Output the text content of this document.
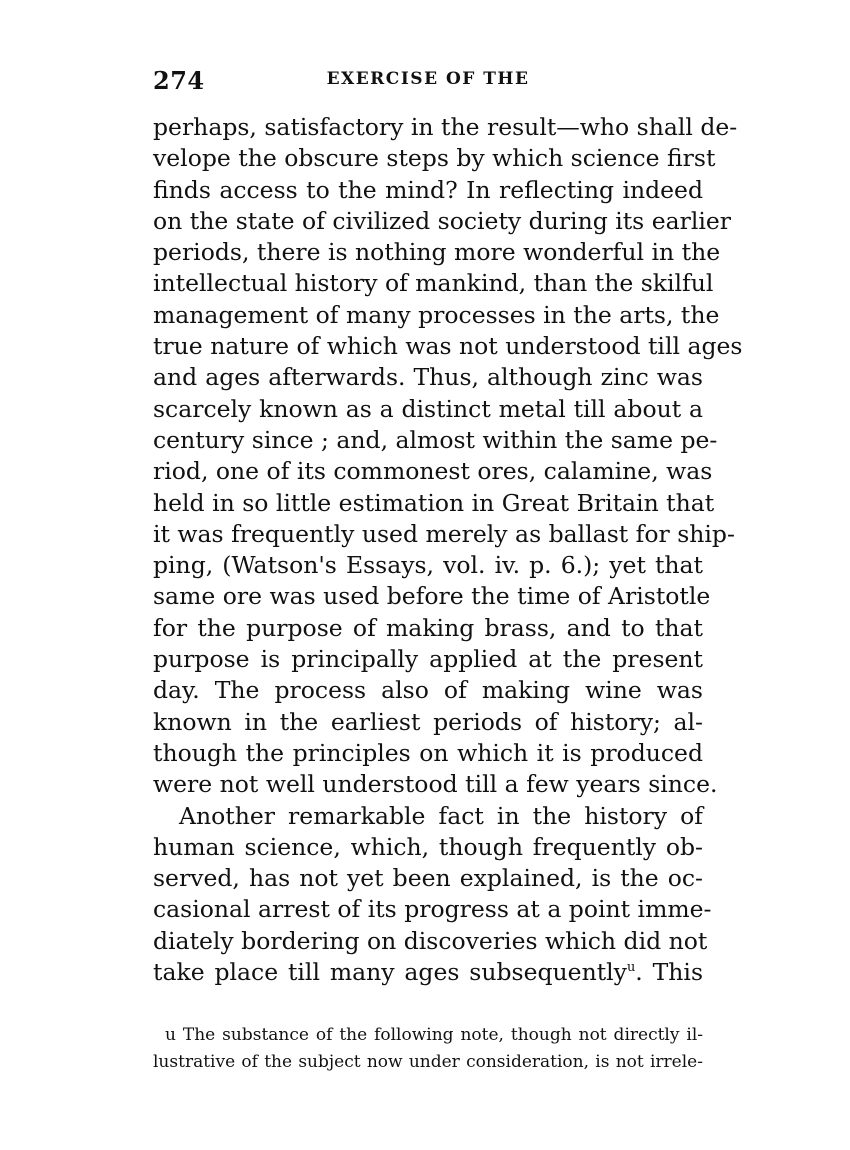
274	EXERCISE OF THE
perhaps, satisfactory in the result—who shall de-
velope the obscure steps by which science first
finds access to the mind? In reflecting indeed
on the state of civilized society during its earlier
periods, there is nothing more wonderful in the
intellectual history of mankind, than the skilful
management of many processes in the arts, the
true nature of which was not understood till ages
and ages afterwards. Thus, although zinc was
scarcely known as a distinct metal till about a
century since ; and, almost within the same pe-
riod, one of its commonest ores, calamine, was
held in so little estimation in Great Britain that
it was frequently used merely as ballast for ship-
ping, (Watson's Essays, vol. iv. p. 6.); yet that
same ore was used before the time of Aristotle
for the purpose of making brass, and to that
purpose is principally applied at the present
day. The process also of making wine was
known in the earliest periods of history; al-
though the principles on which it is produced
were not well understood till a few years since.
Another remarkable fact in the history of
human science, which, though frequently ob-
served, has not yet been explained, is the oc-
casional arrest of its progress at a point imme-
diately bordering on discoveries which did not
take place till many ages subsequently$^u$. This
u The substance of the following note, though not directly il-
lustrative of the subject now under consideration, is not irrele-
